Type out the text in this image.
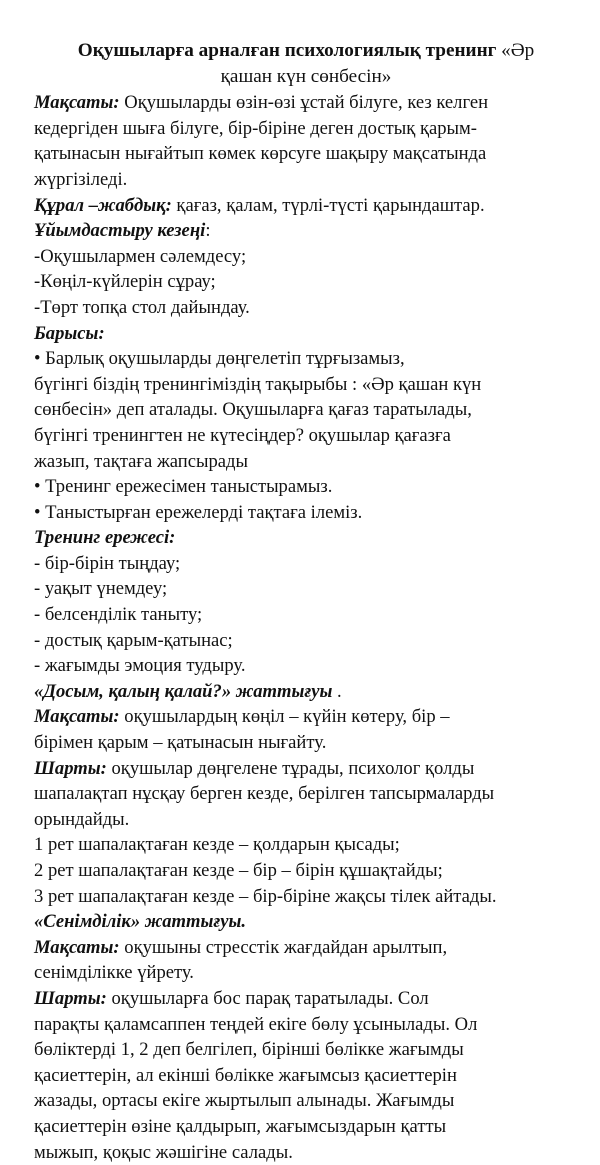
Оқушыларға арналған психологиялық тренинг «Әр
қашан күн сөнбесін»

Мақсаты: Оқушыларды өзін-өзі ұстай білуге, кез келген

кедергіден шыға білуге, бір-біріне деген достық қарым-

қатынасын нығайтып көмек көрсуге шақыру мақсатында

жүргізіледі.

Құрал –жабдық: қағаз, қалам, түрлі-түсті қарындаштар.

Ұйымдастыру кезеңі:

-Оқушылармен сәлемдесу;

-Көңіл-күйлерін сұрау;

-Төрт топқа стол дайындау.

Барысы:

• Барлық оқушыларды дөңгелетіп тұрғызамыз,

бүгінгі біздің тренингіміздің тақырыбы : «Әр қашан күн

сөнбесін» деп аталады. Оқушыларға қағаз таратылады,

бүгінгі тренингтен не күтесіңдер? оқушылар қағазға

жазып, тақтаға жапсырады

• Тренинг ережесімен таныстырамыз.

• Таныстырған ережелерді тақтаға ілеміз.

Тренинг ережесі:

- бір-бірін тыңдау;

- уақыт үнемдеу;

- белсенділік таныту;

- достық қарым-қатынас;

- жағымды эмоция тудыру.

«Досым, қалың қалай?» жаттығуы .

Мақсаты: оқушылардың көңіл – күйін көтеру, бір –

бірімен қарым – қатынасын нығайту.

Шарты: оқушылар дөңгелене тұрады, психолог қолды

шапалақтап нұсқау берген кезде, берілген тапсырмаларды

орындайды.

1 рет шапалақтаған кезде – қолдарын қысады;

2 рет шапалақтаған кезде – бір – бірін құшақтайды;

3 рет шапалақтаған кезде – бір-біріне жақсы тілек айтады.

«Сенімділік» жаттығуы.

Мақсаты: оқушыны стресстік жағдайдан арылтып,

сенімділікке үйрету.

Шарты: оқушыларға бос парақ таратылады. Сол

парақты қаламсаппен теңдей екіге бөлу ұсынылады. Ол

бөліктерді 1, 2 деп белгілеп, бірінші бөлікке жағымды

қасиеттерін, ал екінші бөлікке жағымсыз қасиеттерін

жазады, ортасы екіге жыртылып алынады. Жағымды

қасиеттерін өзіне қалдырып, жағымсыздарын қатты

мыжып, қоқыс жәшігіне салады.
